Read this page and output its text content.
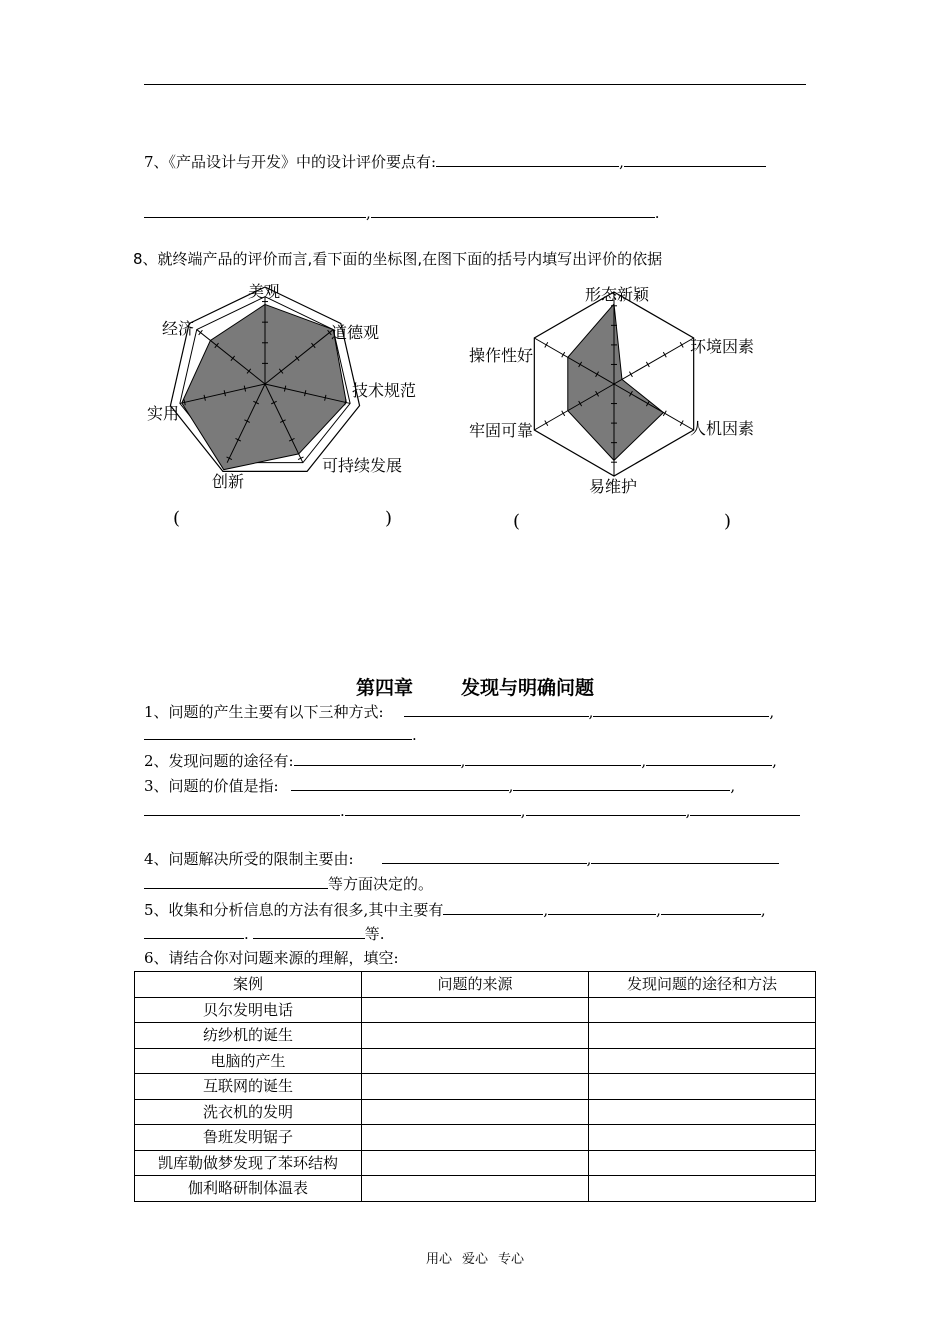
7、《产品设计与开发》中的设计评价要点有:	,
,	.
8、就终端产品的评价而言,看下面的坐标图,在图下面的括号内填写出评价的依据
美观
道德观
技术规范
可持续发展
创新
实用
经济
形态新颖
环境因素
人机因素
易维护
牢固可靠
操作性好
(	)	(	)
第四章	发现与明确问题
1、问题的产生主要有以下三种方式:	,	,
.
2、发现问题的途径有:	,	,	,
3、问题的价值是指:	,	,
.	,	,
4、问题解决所受的限制主要由:	,
等方面决定的。
5、收集和分析信息的方法有很多,其中主要有	,	,	,
.	等.
6、请结合你对问题来源的理解，填空:
案例	问题的来源	发现问题的途径和方法
贝尔发明电话		
纺纱机的诞生		
电脑的产生		
互联网的诞生		
洗衣机的发明		
鲁班发明锯子		
凯库勒做梦发现了苯环结构		
伽利略研制体温表		
用心 爱心 专心
